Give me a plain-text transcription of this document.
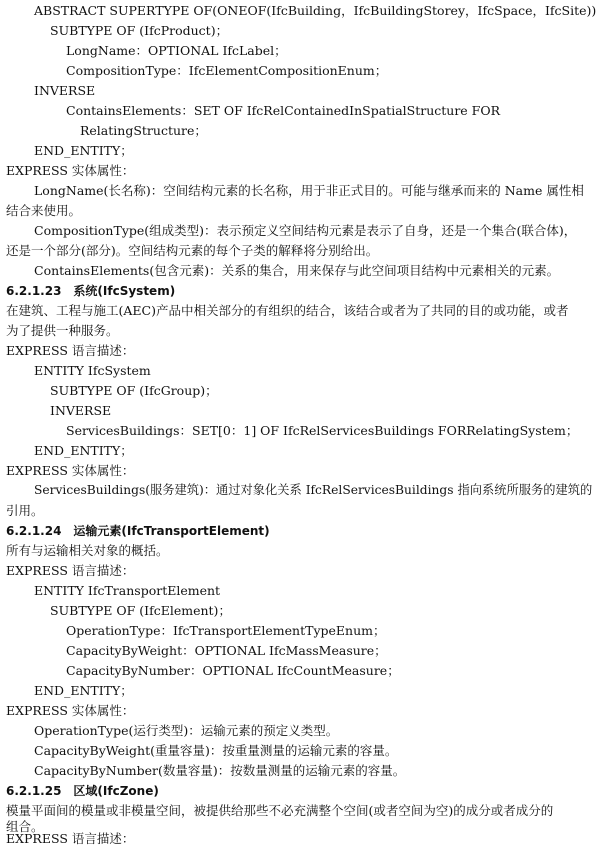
ABSTRACT SUPERTYPE OF(ONEOF(IfcBuilding，IfcBuildingStorey，IfcSpace，IfcSite))
SUBTYPE OF (IfcProduct)；
LongName：OPTIONAL IfcLabel；
CompositionType：IfcElementCompositionEnum；
INVERSE
ContainsElements：SET OF IfcRelContainedInSpatialStructure FOR
RelatingStructure；
END_ENTITY；
EXPRESS 实体属性：
LongName(长名称)：空间结构元素的长名称，用于非正式目的。可能与继承而来的 Name 属性相
结合来使用。
CompositionType(组成类型)：表示预定义空间结构元素是表示了自身，还是一个集合(联合体)，
还是一个部分(部分)。空间结构元素的每个子类的解释将分别给出。
ContainsElements(包含元素)：关系的集合，用来保存与此空间项目结构中元素相关的元素。
6.2.1.23　系统(IfcSystem)
在建筑、工程与施工(AEC)产品中相关部分的有组织的结合，该结合或者为了共同的目的或功能，或者
为了提供一种服务。
EXPRESS 语言描述：
ENTITY IfcSystem
SUBTYPE OF (IfcGroup)；
INVERSE
ServicesBuildings：SET[0：1] OF IfcRelServicesBuildings FORRelatingSystem；
END_ENTITY；
EXPRESS 实体属性：
ServicesBuildings(服务建筑)：通过对象化关系 IfcRelServicesBuildings 指向系统所服务的建筑的
引用。
6.2.1.24　运输元素(IfcTransportElement)
所有与运输相关对象的概括。
EXPRESS 语言描述：
ENTITY IfcTransportElement
SUBTYPE OF (IfcElement)；
OperationType：IfcTransportElementTypeEnum；
CapacityByWeight：OPTIONAL IfcMassMeasure；
CapacityByNumber：OPTIONAL IfcCountMeasure；
END_ENTITY；
EXPRESS 实体属性：
OperationType(运行类型)：运输元素的预定义类型。
CapacityByWeight(重量容量)：按重量测量的运输元素的容量。
CapacityByNumber(数量容量)：按数量测量的运输元素的容量。
6.2.1.25　区域(IfcZone)
模量平面间的模量或非模量空间，被提供给那些不必充满整个空间(或者空间为空)的成分或者成分的
组合。
EXPRESS 语言描述：
